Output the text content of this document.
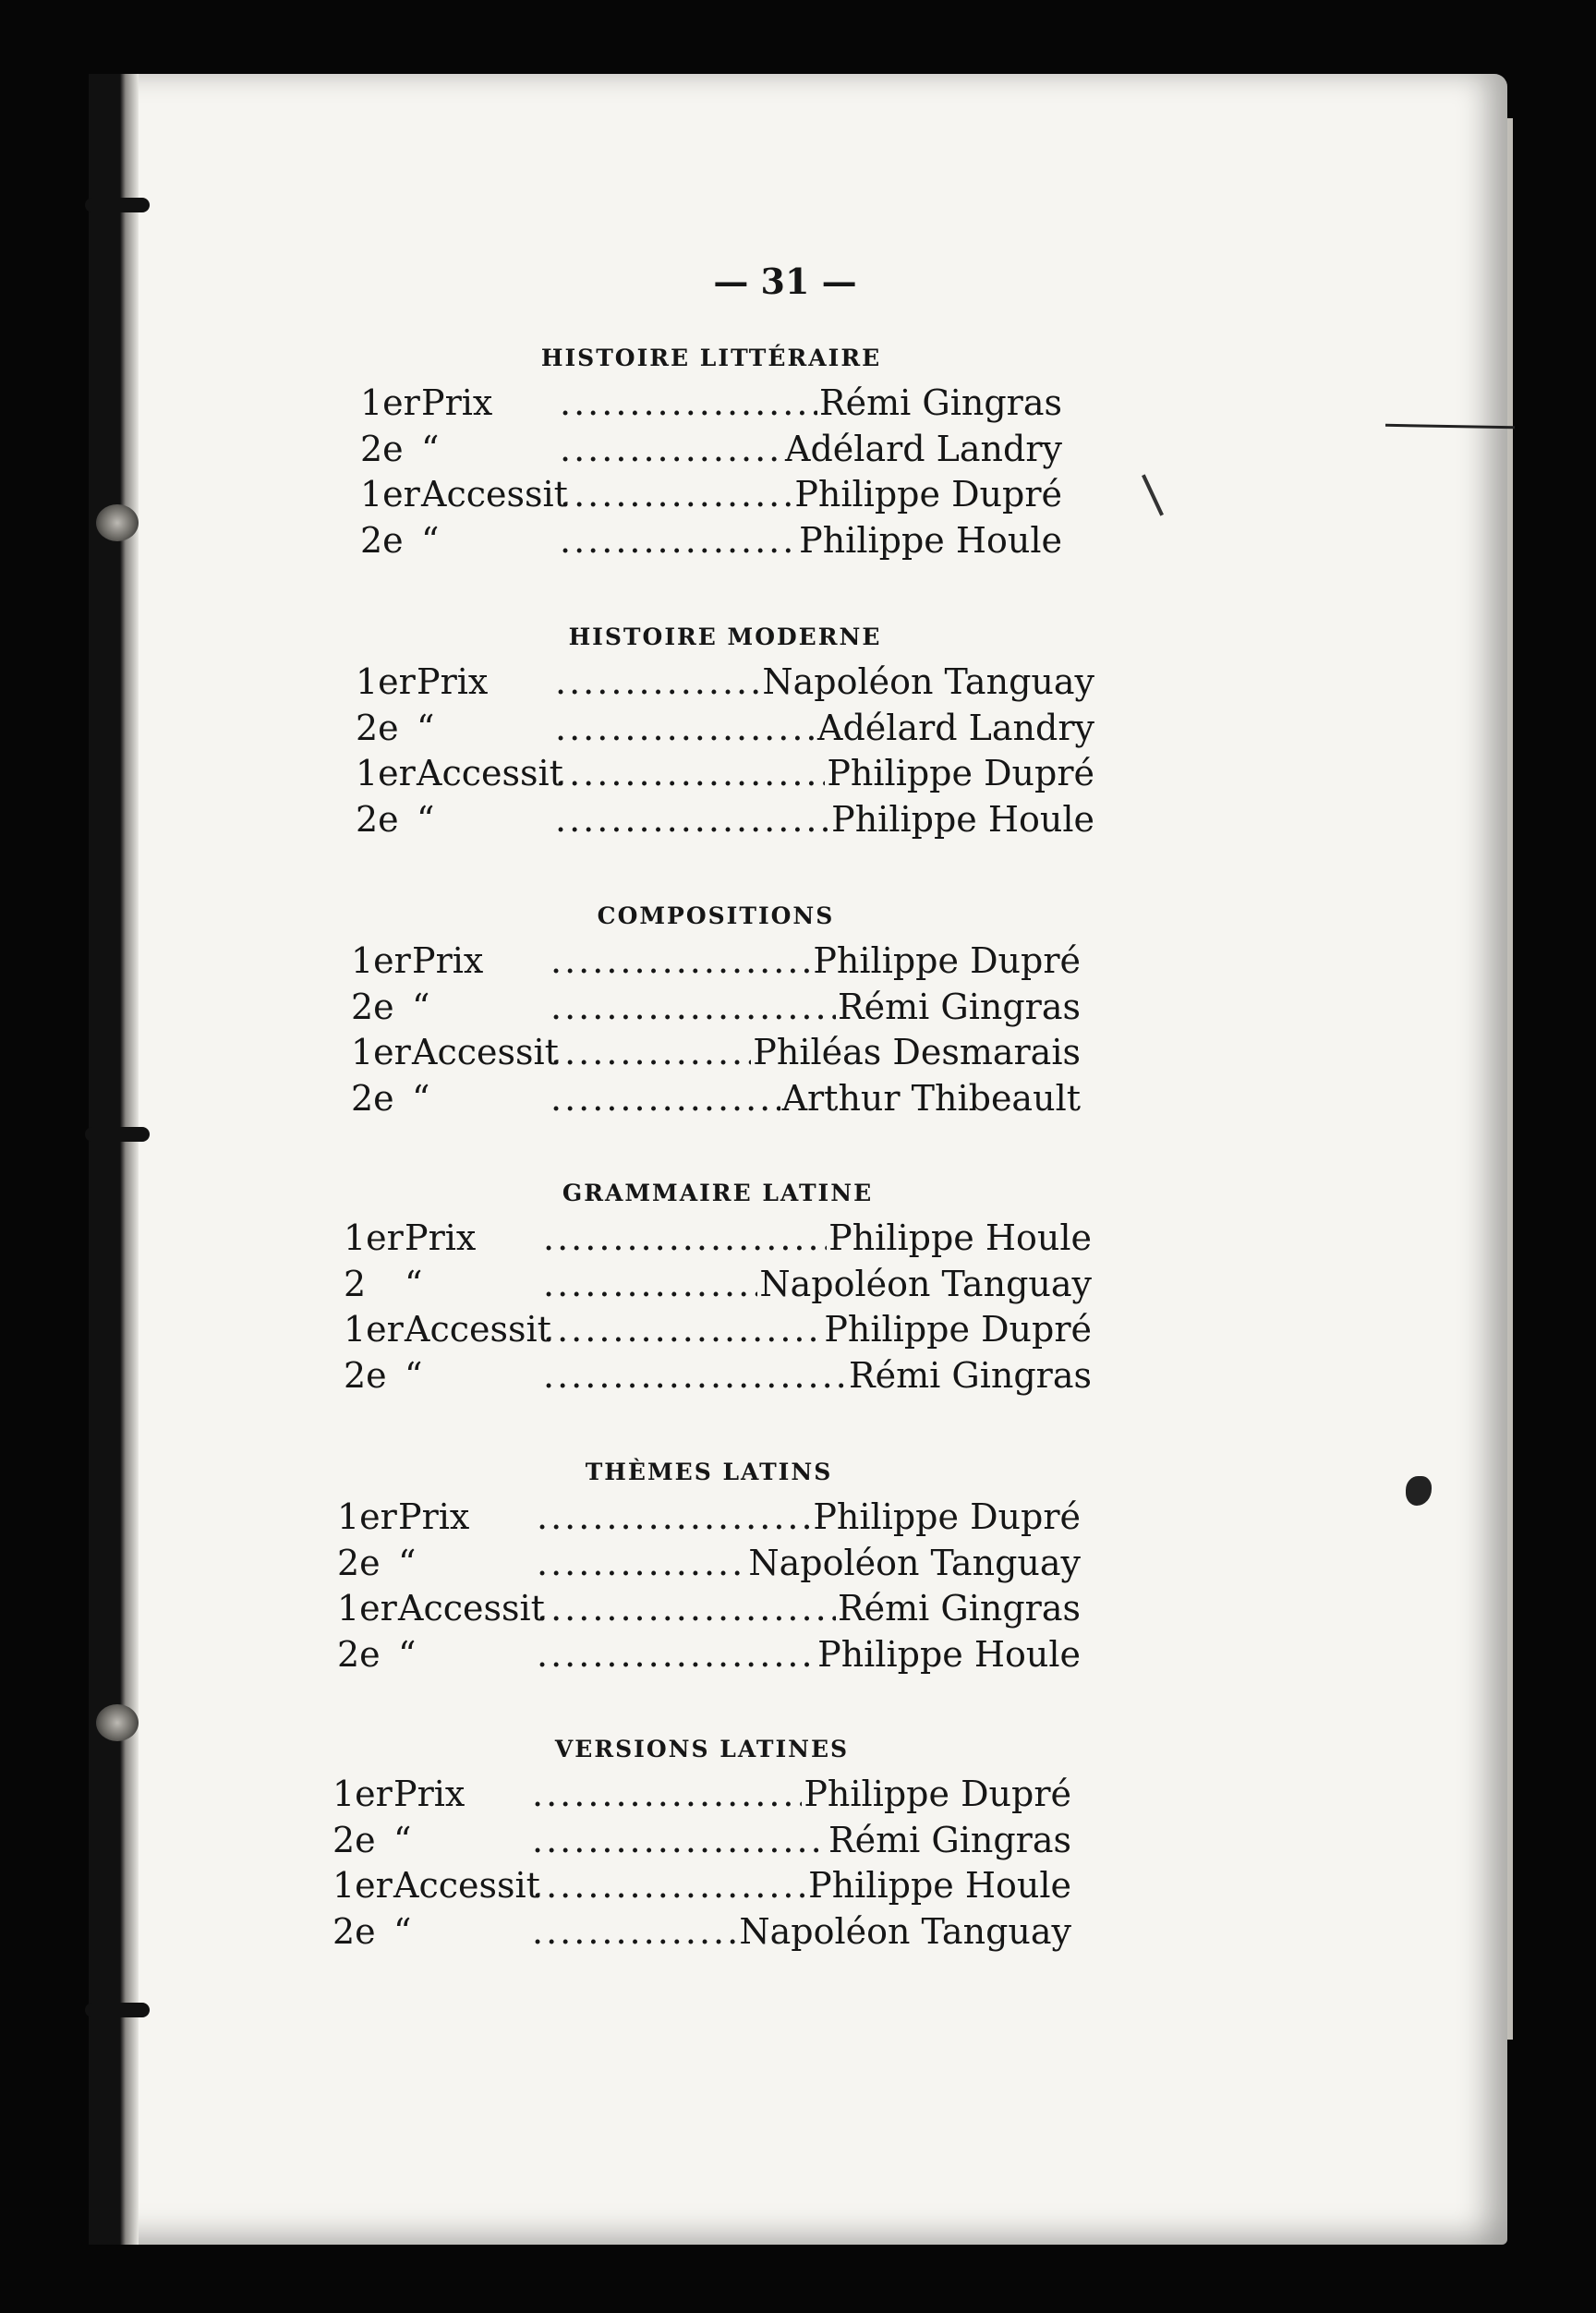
— 31 —
HISTOIRE LITTÉRAIRE
1er Prix .....	Rémi Gingras
2e “ .....	Adélard Landry
1er Accessit .....	Philippe Dupré
2e “ .....	Philippe Houle
HISTOIRE MODERNE
1er Prix .....	Napoléon Tanguay
2e “ .....	Adélard Landry
1er Accessit .....	Philippe Dupré
2e “ .....	Philippe Houle
COMPOSITIONS
1er Prix .....	Philippe Dupré
2e “ .....	Rémi Gingras
1er Accessit .....	Philéas Desmarais
2e “ .....	Arthur Thibeault
GRAMMAIRE LATINE
1er Prix .....	Philippe Houle
2	“ .....	Napoléon Tanguay
1er Accessit .....	Philippe Dupré
2e “ .....	Rémi Gingras
THÈMES LATINS
1er Prix .....	Philippe Dupré
2e “ .....	Napoléon Tanguay
1er Accessit .....	Rémi Gingras
2e “ .....	Philippe Houle
VERSIONS LATINES
1er Prix .....	Philippe Dupré
2e “ .....	Rémi Gingras
1er Accessit .....	Philippe Houle
2e “ .....	Napoléon Tanguay
